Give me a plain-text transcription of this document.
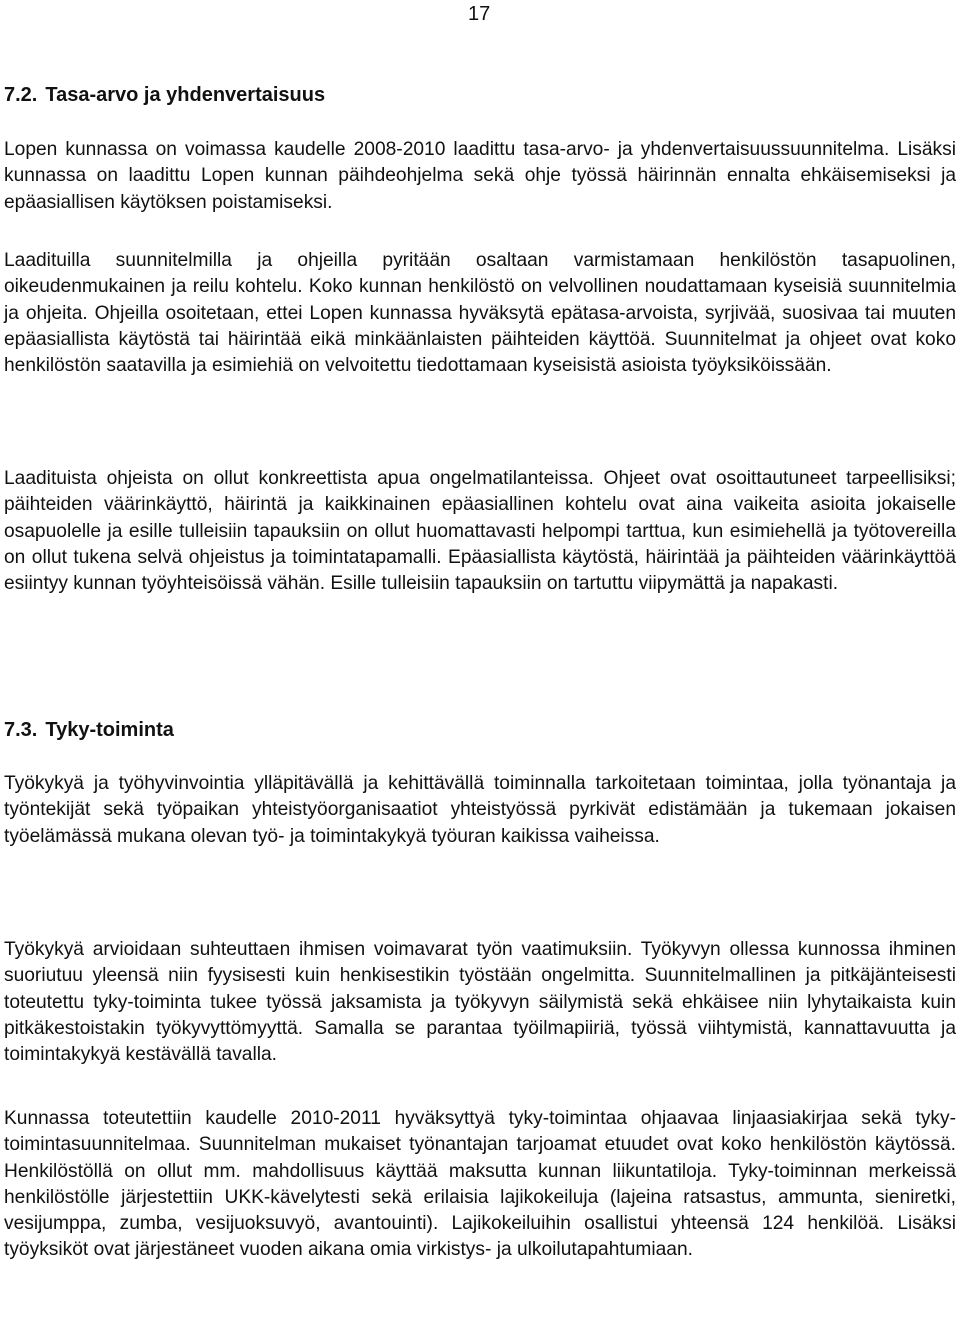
17
7.2. Tasa-arvo ja yhdenvertaisuus

Lopen kunnassa on voimassa kaudelle 2008-2010 laadittu tasa-arvo- ja yhdenvertaisuussuunnitelma. Lisäksi kunnassa on laadittu Lopen kunnan päihdeohjelma sekä ohje työssä häirinnän ennalta ehkäisemiseksi ja epäasiallisen käytöksen poistamiseksi.

Laadituilla suunnitelmilla ja ohjeilla pyritään osaltaan varmistamaan henkilöstön tasapuolinen, oikeudenmukainen ja reilu kohtelu. Koko kunnan henkilöstö on velvollinen noudattamaan kyseisiä suunnitelmia ja ohjeita. Ohjeilla osoitetaan, ettei Lopen kunnassa hyväksytä epätasa-arvoista, syrjivää, suosivaa tai muuten epäasiallista käytöstä tai häirintää eikä minkäänlaisten päihteiden käyttöä. Suunnitelmat ja ohjeet ovat koko henkilöstön saatavilla ja esimiehiä on velvoitettu tiedottamaan kyseisistä asioista työyksiköissään.

Laadituista ohjeista on ollut konkreettista apua ongelmatilanteissa. Ohjeet ovat osoittautuneet tarpeellisiksi; päihteiden väärinkäyttö, häirintä ja kaikkinainen epäasiallinen kohtelu ovat aina vaikeita asioita jokaiselle osapuolelle ja esille tulleisiin tapauksiin on ollut huomattavasti helpompi tarttua, kun esimiehellä ja työtovereilla on ollut tukena selvä ohjeistus ja toimintatapamalli. Epäasiallista käytöstä, häirintää ja päihteiden väärinkäyttöä esiintyy kunnan työyhteisöissä vähän. Esille tulleisiin tapauksiin on tartuttu viipymättä ja napakasti.

7.3. Tyky-toiminta

Työkykyä ja työhyvinvointia ylläpitävällä ja kehittävällä toiminnalla tarkoitetaan toimintaa, jolla työnantaja ja työntekijät sekä työpaikan yhteistyöorganisaatiot yhteistyössä pyrkivät edistämään ja tukemaan jokaisen työelämässä mukana olevan työ- ja toimintakykyä työuran kaikissa vaiheissa.

Työkykyä arvioidaan suhteuttaen ihmisen voimavarat työn vaatimuksiin. Työkyvyn ollessa kunnossa ihminen suoriutuu yleensä niin fyysisesti kuin henkisestikin työstään ongelmitta. Suunnitelmallinen ja pitkäjänteisesti toteutettu tyky-toiminta tukee työssä jaksamista ja työkyvyn säilymistä sekä ehkäisee niin lyhytaikaista kuin pitkäkestoistakin työkyvyttömyyttä. Samalla se parantaa työilmapiiriä, työssä viihtymistä, kannattavuutta ja toimintakykyä kestävällä tavalla.

Kunnassa toteutettiin kaudelle 2010-2011 hyväksyttyä tyky-toimintaa ohjaavaa linjaasiakirjaa sekä tyky-toimintasuunnitelmaa. Suunnitelman mukaiset työnantajan tarjoamat etuudet ovat koko henkilöstön käytössä. Henkilöstöllä on ollut mm. mahdollisuus käyttää maksutta kunnan liikuntatiloja. Tyky-toiminnan merkeissä henkilöstölle järjestettiin UKK-kävelytesti sekä erilaisia lajikokeiluja (lajeina ratsastus, ammunta, sieniretki, vesijumppa, zumba, vesijuoksuvyö, avantouinti). Lajikokeiluihin osallistui yhteensä 124 henkilöä. Lisäksi työyksiköt ovat järjestäneet vuoden aikana omia virkistys- ja ulkoilutapahtumiaan.
